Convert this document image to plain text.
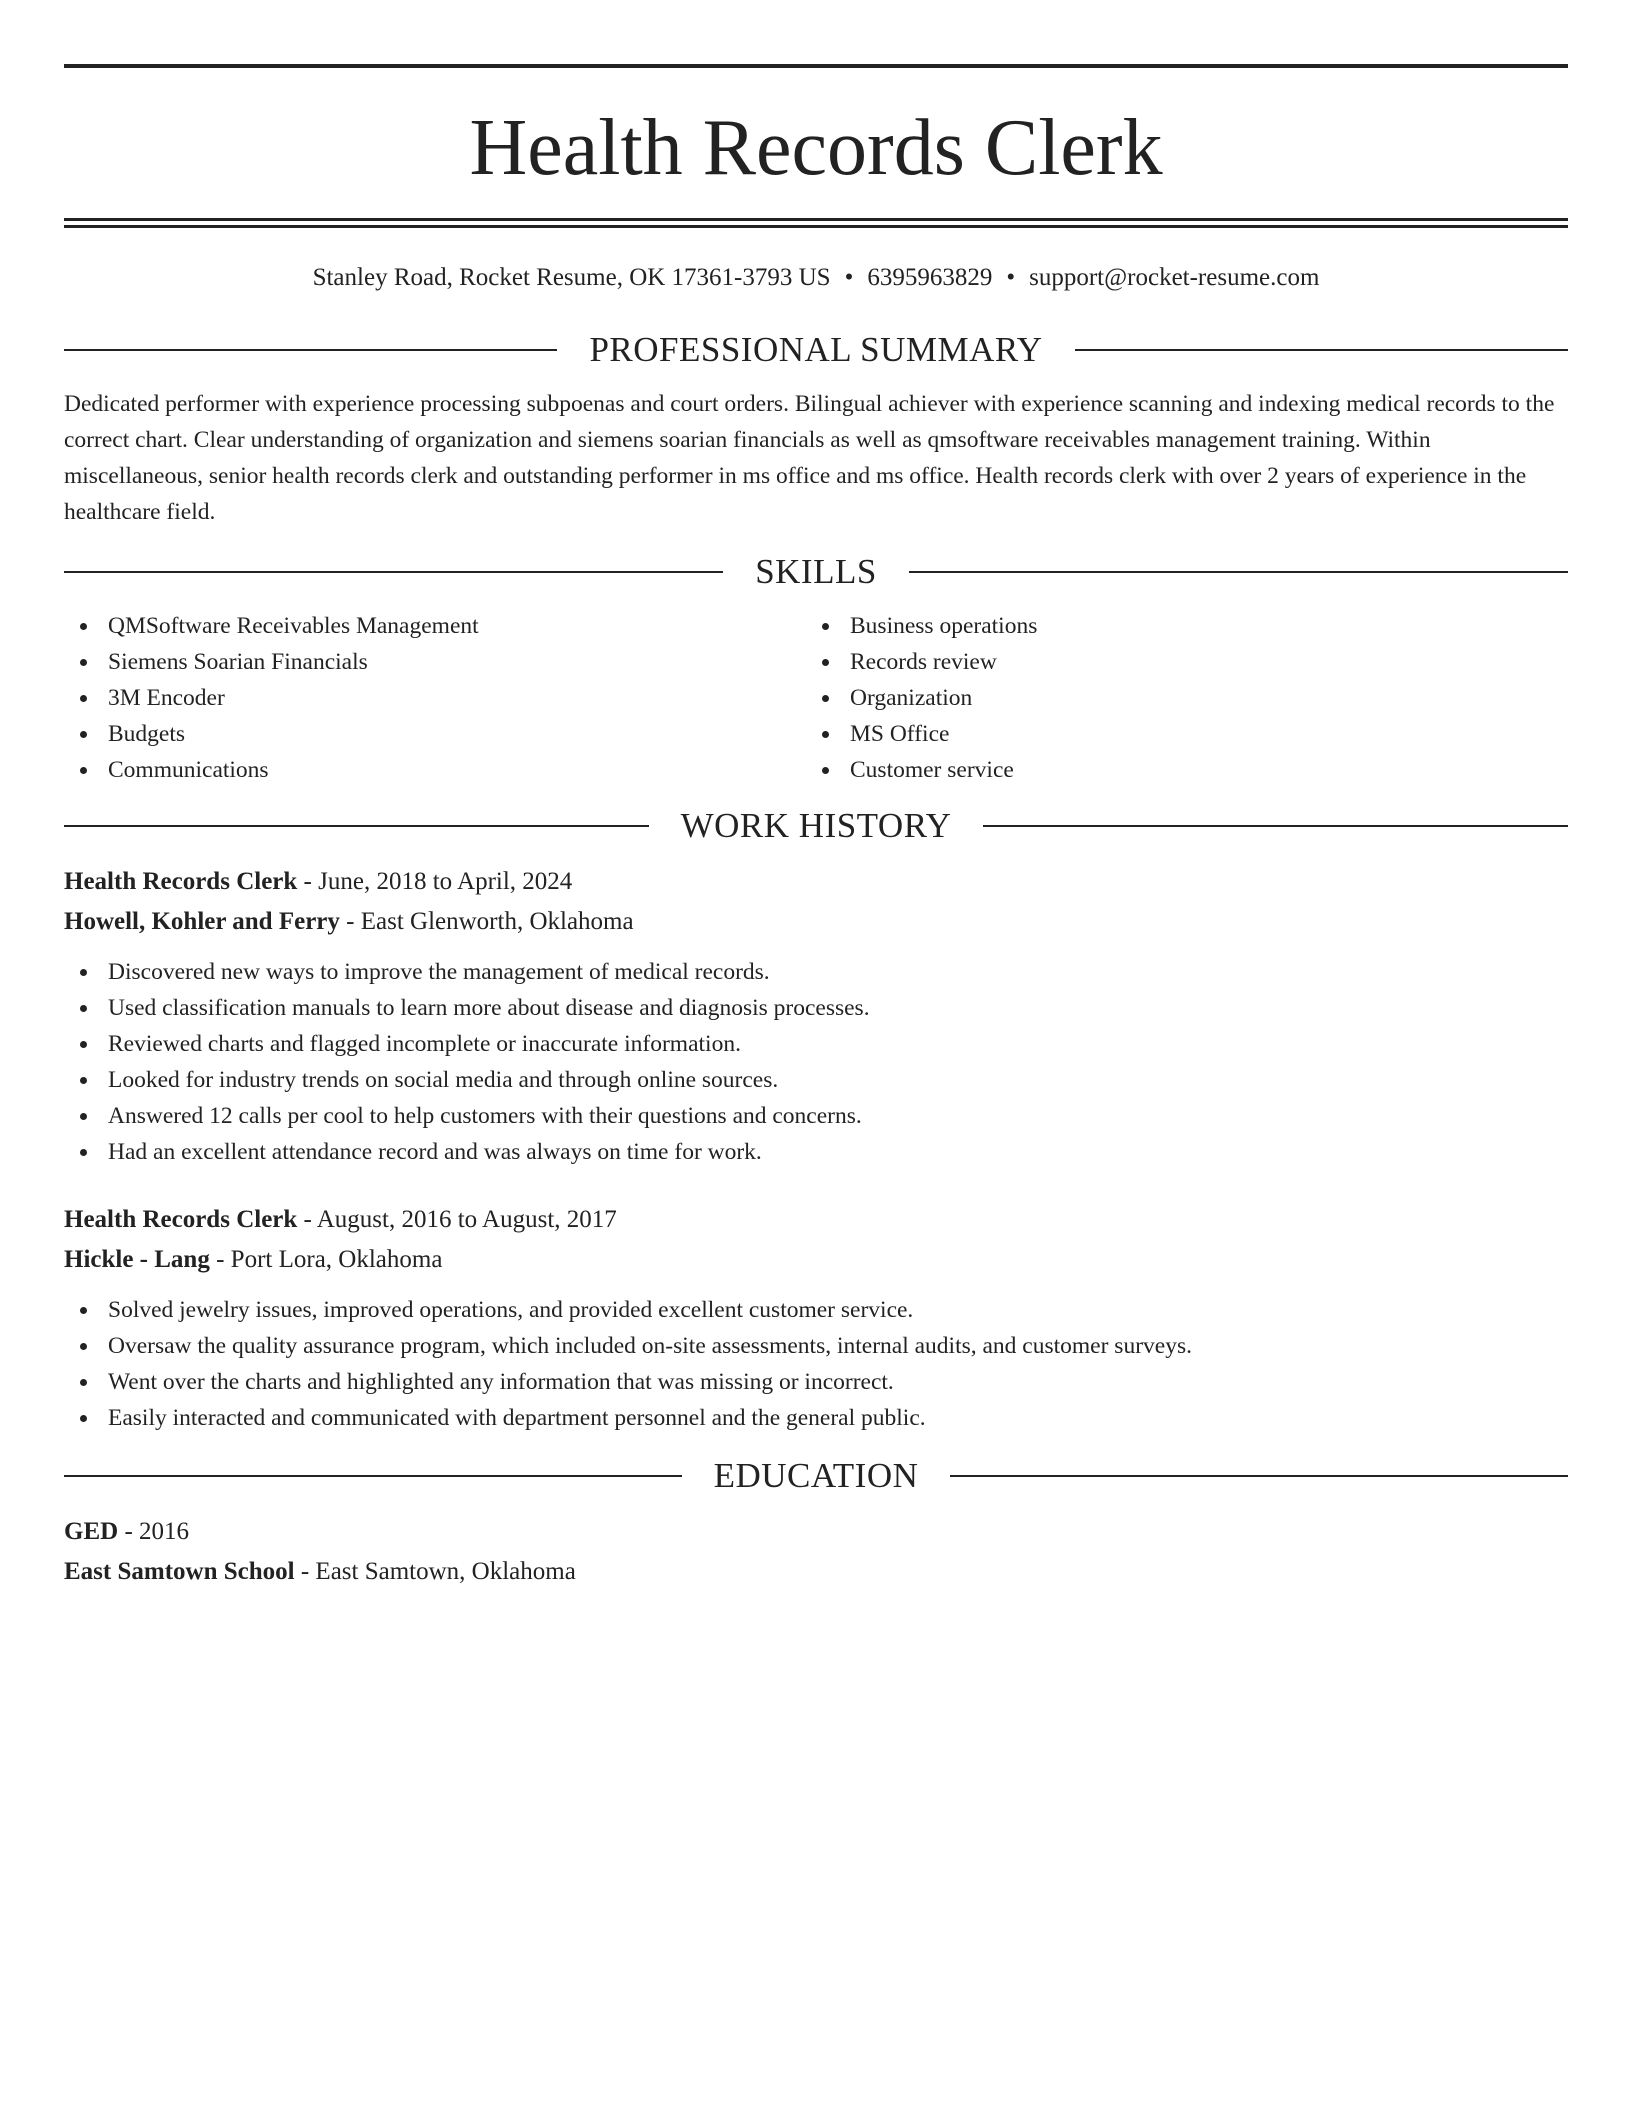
Health Records Clerk
Stanley Road, Rocket Resume, OK 17361-3793 US • 6395963829 • support@rocket-resume.com
PROFESSIONAL SUMMARY

Dedicated performer with experience processing subpoenas and court orders. Bilingual achiever with experience scanning and indexing medical records to the correct chart. Clear understanding of organization and siemens soarian financials as well as qmsoftware receivables management training. Within miscellaneous, senior health records clerk and outstanding performer in ms office and ms office. Health records clerk with over 2 years of experience in the healthcare field.

SKILLS
QMSoftware Receivables Management
Siemens Soarian Financials
3M Encoder
Budgets
Communications
Business operations
Records review
Organization
MS Office
Customer service
WORK HISTORY
Health Records Clerk - June, 2018 to April, 2024
Howell, Kohler and Ferry - East Glenworth, Oklahoma
Discovered new ways to improve the management of medical records.
Used classification manuals to learn more about disease and diagnosis processes.
Reviewed charts and flagged incomplete or inaccurate information.
Looked for industry trends on social media and through online sources.
Answered 12 calls per cool to help customers with their questions and concerns.
Had an excellent attendance record and was always on time for work.
Health Records Clerk - August, 2016 to August, 2017
Hickle - Lang - Port Lora, Oklahoma
Solved jewelry issues, improved operations, and provided excellent customer service.
Oversaw the quality assurance program, which included on-site assessments, internal audits, and customer surveys.
Went over the charts and highlighted any information that was missing or incorrect.
Easily interacted and communicated with department personnel and the general public.
EDUCATION
GED - 2016
East Samtown School - East Samtown, Oklahoma
